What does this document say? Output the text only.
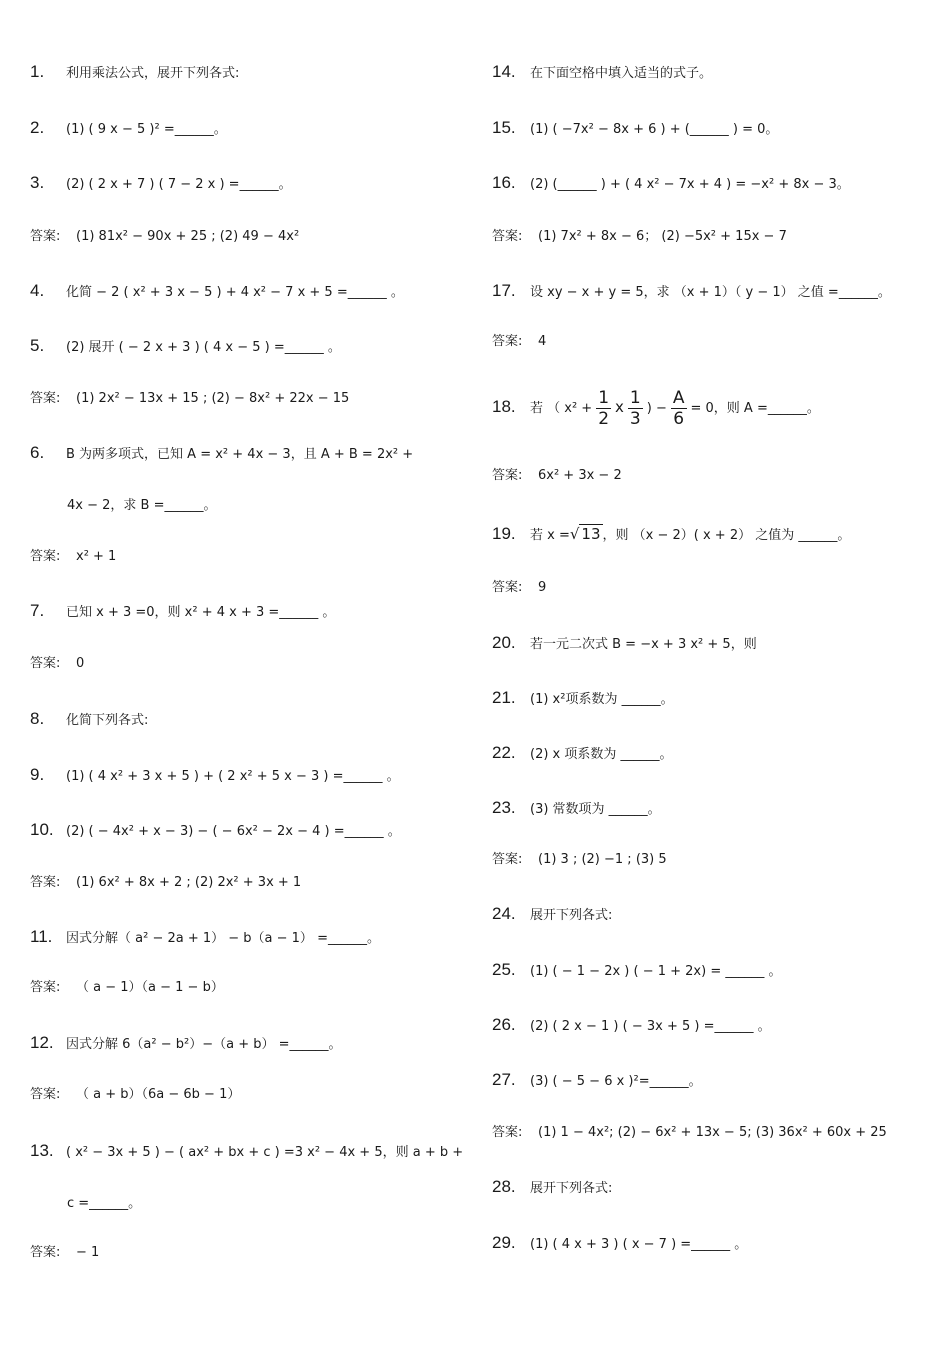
1. 利用乘法公式，展开下列各式:
2. (1) ( 9 x − 5 )² =______。
3. (2) ( 2 x + 7 ) ( 7 − 2 x ) =______。
答案: (1) 81x² − 90x + 25 ; (2) 49 − 4x²
4. 化简 − 2 ( x² + 3 x − 5 ) + 4 x² − 7 x + 5 =______ 。
5. (2) 展开 ( − 2 x + 3 ) ( 4 x − 5 ) =______ 。
答案: (1) 2x² − 13x + 15 ; (2) − 8x² + 22x − 15
6. B 为两多项式，已知 A = x² + 4x − 3，且 A + B = 2x² +
4x − 2，求 B =______。
答案: x² + 1
7. 已知 x + 3 =0，则 x² + 4 x + 3 =______ 。
答案: 0
8. 化简下列各式:
9. (1) ( 4 x² + 3 x + 5 ) + ( 2 x² + 5 x − 3 ) =______ 。
10. (2) ( − 4x² + x − 3) − ( − 6x² − 2x − 4 ) =______ 。
答案: (1) 6x² + 8x + 2 ; (2) 2x² + 3x + 1
11. 因式分解（ a² − 2a + 1） − b（a − 1） =______。
答案: （ a − 1）（a − 1 − b）
12. 因式分解 6（a² − b²）−（a + b） =______。
答案: （ a + b）（6a − 6b − 1）
13. ( x² − 3x + 5 ) − ( ax² + bx + c ) =3 x² − 4x + 5，则 a + b +
c =______。
答案: − 1
14. 在下面空格中填入适当的式子。
15. (1) ( −7x² − 8x + 6 ) + (______ ) = 0。
16. (2) (______ ) + ( 4 x² − 7x + 4 ) = −x² + 8x − 3。
答案: (1) 7x² + 8x − 6； (2) −5x² + 15x − 7
17. 设 xy − x + y = 5，求 （x + 1）（ y − 1） 之值 =______。
答案: 4
18. 若 （ $x^2 + \frac{1}{2}$ x $\frac{1}{3}$ ) − $\frac{A}{6} = 0$，则 A =______。
答案: 6x² + 3x − 2
19. 若 x =√ 13 ，则 （x − 2）( x + 2） 之值为 ______。
答案: 9
20. 若一元二次式 B = −x + 3 x² + 5，则
21. (1) x²项系数为 ______。
22. (2) x 项系数为 ______。
23. (3) 常数项为 ______。
答案: (1) 3 ; (2) −1 ; (3) 5
24. 展开下列各式:
25. (1) ( − 1 − 2x ) ( − 1 + 2x) = ______ 。
26. (2) ( 2 x − 1 ) ( − 3x + 5 ) =______ 。
27. (3) ( − 5 − 6 x )²=______。
答案: (1) 1 − 4x²; (2) − 6x² + 13x − 5; (3) 36x² + 60x + 25
28. 展开下列各式:
29. (1) ( 4 x + 3 ) ( x − 7 ) =______ 。
